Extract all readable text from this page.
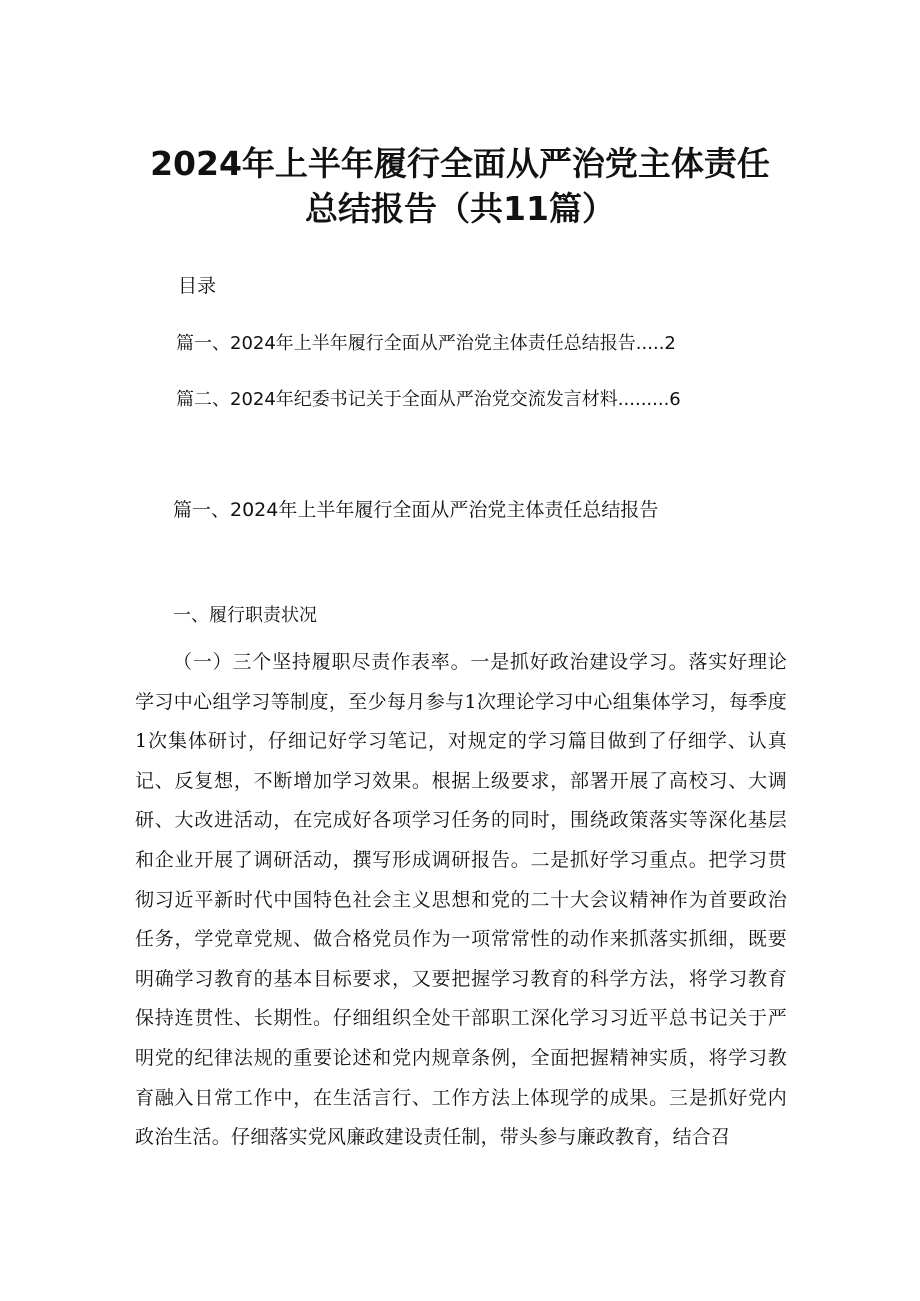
2024年上半年履行全面从严治党主体责任
总结报告（共11篇）
目录
篇一、2024年上半年履行全面从严治党主体责任总结报告.....2
篇二、2024年纪委书记关于全面从严治党交流发言材料.........6
篇一、2024年上半年履行全面从严治党主体责任总结报告
一、履行职责状况

（一）三个坚持履职尽责作表率。一是抓好政治建设学习。落实好理论学习中心组学习等制度，至少每月参与1次理论学习中心组集体学习，每季度1次集体研讨，仔细记好学习笔记，对规定的学习篇目做到了仔细学、认真记、反复想，不断增加学习效果。根据上级要求，部署开展了高校习、大调研、大改进活动，在完成好各项学习任务的同时，围绕政策落实等深化基层和企业开展了调研活动，撰写形成调研报告。二是抓好学习重点。把学习贯彻习近平新时代中国特色社会主义思想和党的二十大会议精神作为首要政治任务，学党章党规、做合格党员作为一项常常性的动作来抓落实抓细，既要明确学习教育的基本目标要求，又要把握学习教育的科学方法，将学习教育保持连贯性、长期性。仔细组织全处干部职工深化学习习近平总书记关于严明党的纪律法规的重要论述和党内规章条例，全面把握精神实质，将学习教育融入日常工作中，在生活言行、工作方法上体现学的成果。三是抓好党内政治生活。仔细落实党风廉政建设责任制，带头参与廉政教育，结合召
